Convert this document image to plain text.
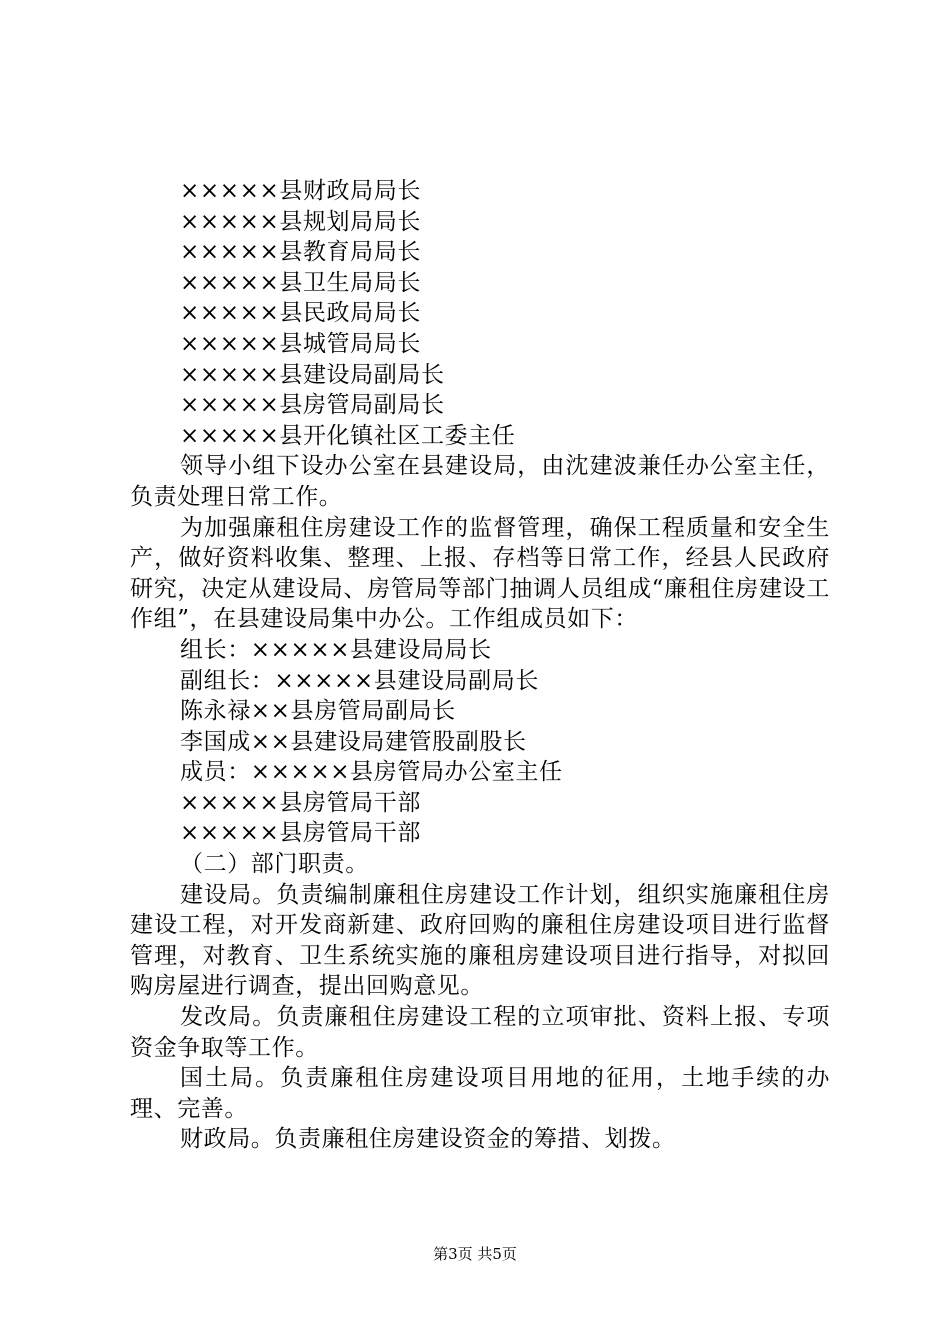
×××××县财政局局长
×××××县规划局局长
×××××县教育局局长
×××××县卫生局局长
×××××县民政局局长
×××××县城管局局长
×××××县建设局副局长
×××××县房管局副局长
×××××县开化镇社区工委主任

领导小组下设办公室在县建设局，由沈建波兼任办公室主任，负责处理日常工作。

为加强廉租住房建设工作的监督管理，确保工程质量和安全生产，做好资料收集、整理、上报、存档等日常工作，经县人民政府研究，决定从建设局、房管局等部门抽调人员组成“廉租住房建设工作组”，在县建设局集中办公。工作组成员如下：

组长：×××××县建设局局长
副组长：×××××县建设局副局长
陈永禄××县房管局副局长
李国成××县建设局建管股副股长
成员：×××××县房管局办公室主任
×××××县房管局干部
×××××县房管局干部
（二）部门职责。

建设局。负责编制廉租住房建设工作计划，组织实施廉租住房建设工程，对开发商新建、政府回购的廉租住房建设项目进行监督管理，对教育、卫生系统实施的廉租房建设项目进行指导，对拟回购房屋进行调查，提出回购意见。

发改局。负责廉租住房建设工程的立项审批、资料上报、专项资金争取等工作。

国土局。负责廉租住房建设项目用地的征用，土地手续的办理、完善。

财政局。负责廉租住房建设资金的筹措、划拨。

第3页 共5页
